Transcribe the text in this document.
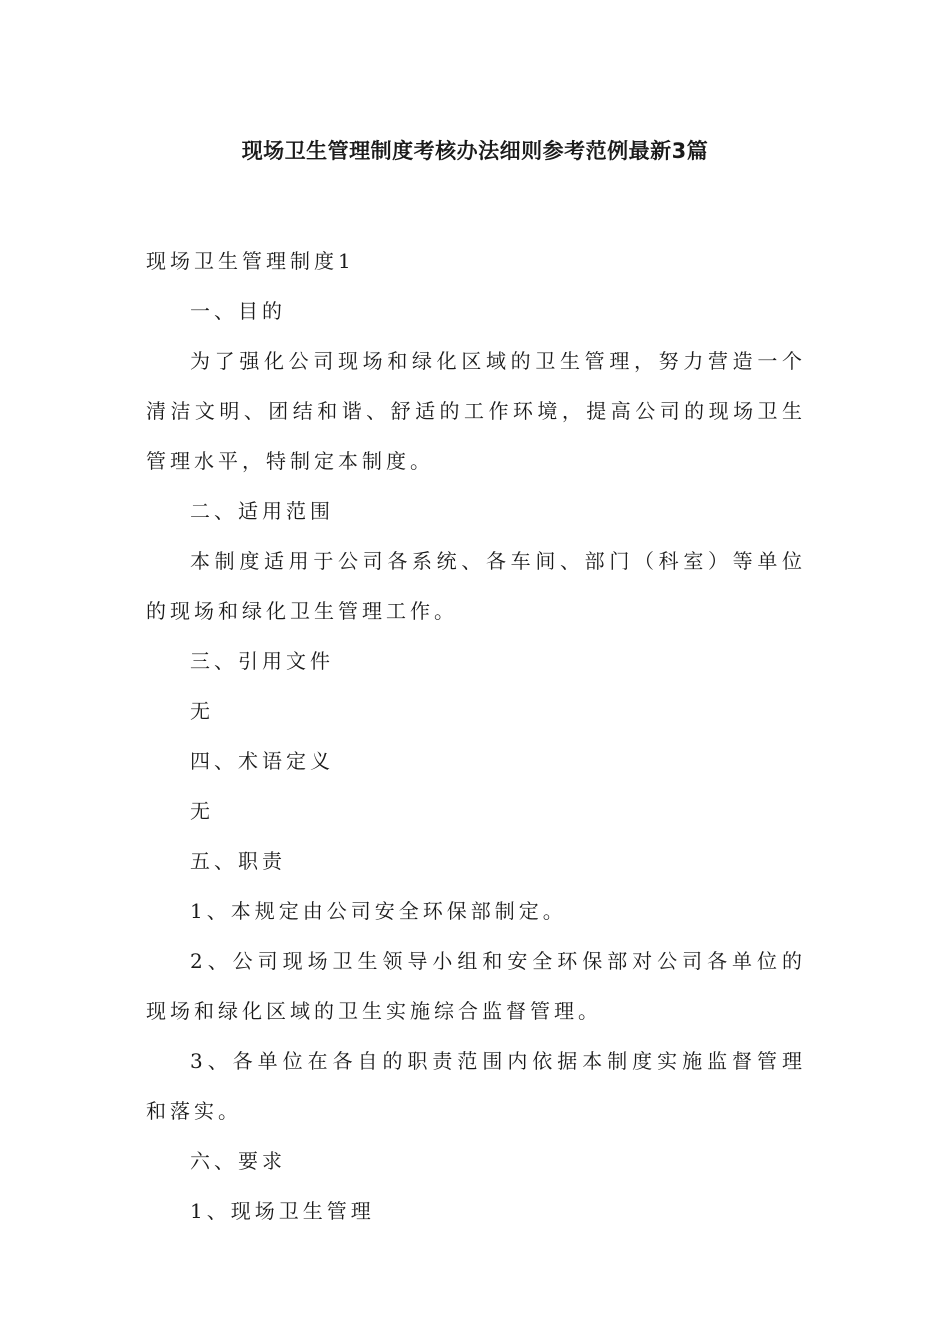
现场卫生管理制度考核办法细则参考范例最新3篇

现场卫生管理制度1

一、目的

为了强化公司现场和绿化区域的卫生管理，努力营造一个清洁文明、团结和谐、舒适的工作环境，提高公司的现场卫生管理水平，特制定本制度。

二、适用范围

本制度适用于公司各系统、各车间、部门（科室）等单位的现场和绿化卫生管理工作。

三、引用文件

无

四、术语定义

无

五、职责

1、本规定由公司安全环保部制定。

2、公司现场卫生领导小组和安全环保部对公司各单位的现场和绿化区域的卫生实施综合监督管理。

3、各单位在各自的职责范围内依据本制度实施监督管理和落实。

六、要求

1、现场卫生管理
